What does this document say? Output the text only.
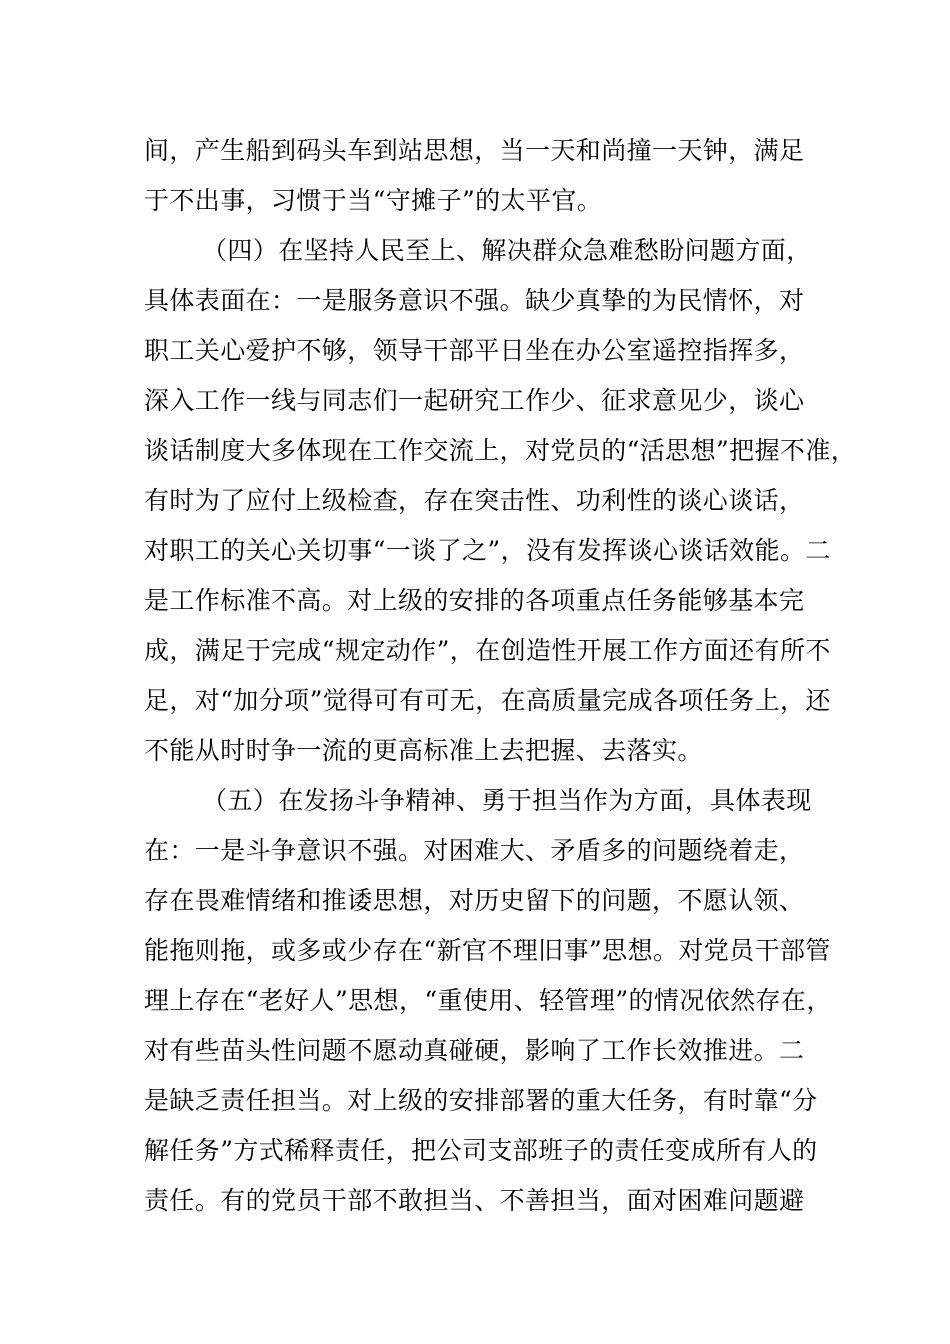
间，产生船到码头车到站思想，当一天和尚撞一天钟，满足
于不出事，习惯于当“守摊子”的太平官。
（四）在坚持人民至上、解决群众急难愁盼问题方面，
具体表面在：一是服务意识不强。缺少真挚的为民情怀，对
职工关心爱护不够，领导干部平日坐在办公室遥控指挥多，
深入工作一线与同志们一起研究工作少、征求意见少，谈心
谈话制度大多体现在工作交流上，对党员的“活思想”把握不准，
有时为了应付上级检查，存在突击性、功利性的谈心谈话，
对职工的关心关切事“一谈了之”，没有发挥谈心谈话效能。二
是工作标准不高。对上级的安排的各项重点任务能够基本完
成，满足于完成“规定动作”，在创造性开展工作方面还有所不
足，对“加分项”觉得可有可无，在高质量完成各项任务上，还
不能从时时争一流的更高标准上去把握、去落实。
（五）在发扬斗争精神、勇于担当作为方面，具体表现
在：一是斗争意识不强。对困难大、矛盾多的问题绕着走，
存在畏难情绪和推诿思想，对历史留下的问题，不愿认领、
能拖则拖，或多或少存在“新官不理旧事”思想。对党员干部管
理上存在“老好人”思想，“重使用、轻管理”的情况依然存在，
对有些苗头性问题不愿动真碰硬，影响了工作长效推进。二
是缺乏责任担当。对上级的安排部署的重大任务，有时靠“分
解任务”方式稀释责任，把公司支部班子的责任变成所有人的
责任。有的党员干部不敢担当、不善担当，面对困难问题避
